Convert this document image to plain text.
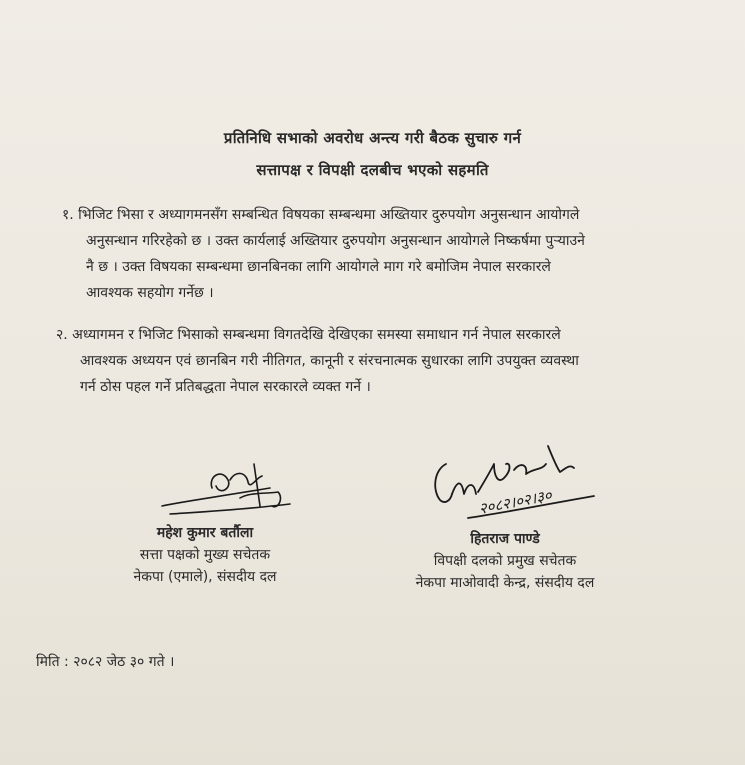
प्रतिनिधि सभाको अवरोध अन्त्य गरी बैठक सुचारु गर्न
सत्तापक्ष र विपक्षी दलबीच भएको सहमति
१. भिजिट भिसा र अध्यागमनसँग सम्बन्धित विषयका सम्बन्धमा अख्तियार दुरुपयोग अनुसन्धान आयोगले
अनुसन्धान गरिरहेको छ । उक्त कार्यलाई अख्तियार दुरुपयोग अनुसन्धान आयोगले निष्कर्षमा पुऱ्याउने
नै छ । उक्त विषयका सम्बन्धमा छानबिनका लागि आयोगले माग गरे बमोजिम नेपाल सरकारले
आवश्यक सहयोग गर्नेछ ।
२. अध्यागमन र भिजिट भिसाको सम्बन्धमा विगतदेखि देखिएका समस्या समाधान गर्न नेपाल सरकारले
आवश्यक अध्ययन एवं छानबिन गरी नीतिगत, कानूनी र संरचनात्मक सुधारका लागि उपयुक्त व्यवस्था
गर्न ठोस पहल गर्ने प्रतिबद्धता नेपाल सरकारले व्यक्त गर्ने ।
२०८२।०२।३०
महेश कुमार बर्तौला
सत्ता पक्षको मुख्य सचेतक
नेकपा (एमाले), संसदीय दल
हितराज पाण्डे
विपक्षी दलको प्रमुख सचेतक
नेकपा माओवादी केन्द्र, संसदीय दल
मिति : २०८२ जेठ ३० गते ।
